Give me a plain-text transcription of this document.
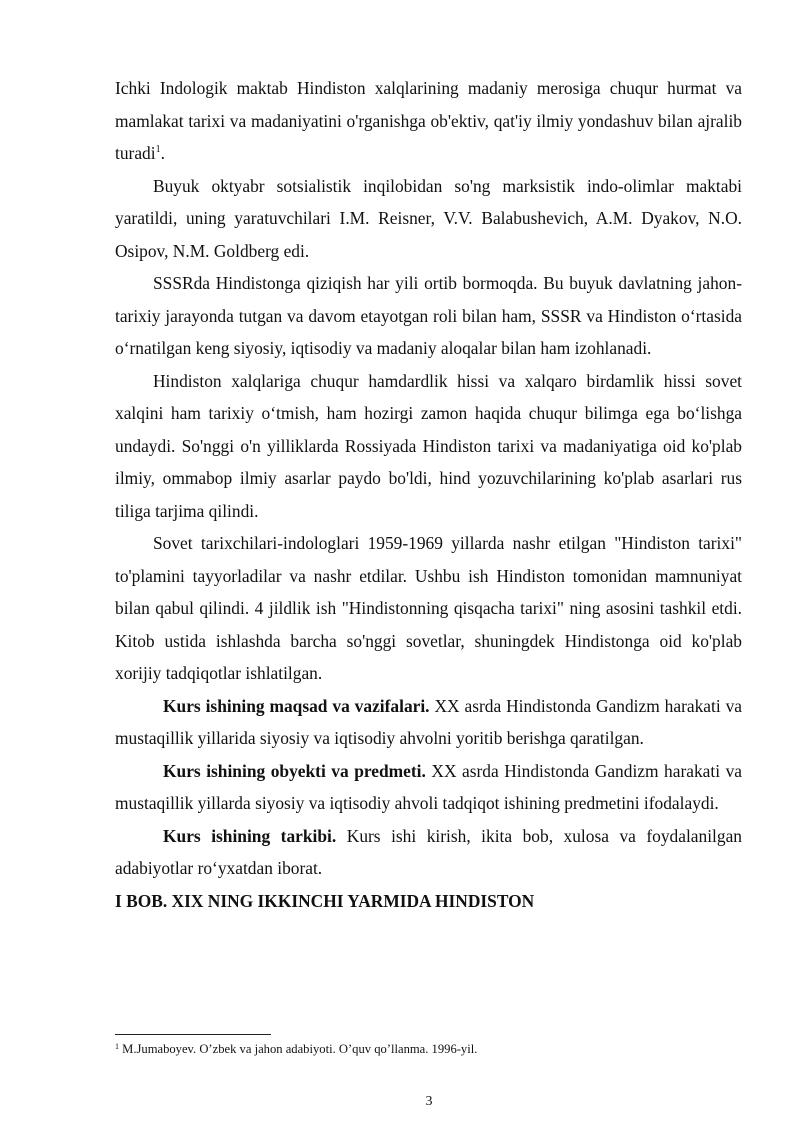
Ichki Indologik maktab Hindiston xalqlarining madaniy merosiga chuqur hurmat va mamlakat tarixi va madaniyatini o'rganishga ob'ektiv, qat'iy ilmiy yondashuv bilan ajralib turadi$^1$.

Buyuk oktyabr sotsialistik inqilobidan so'ng marksistik indo-olimlar maktabi yaratildi, uning yaratuvchilari I.M. Reisner, V.V. Balabushevich, A.M. Dyakov, N.O. Osipov, N.M. Goldberg edi.

SSSRda Hindistonga qiziqish har yili ortib bormoqda. Bu buyuk davlatning jahon-tarixiy jarayonda tutgan va davom etayotgan roli bilan ham, SSSR va Hindiston o‘rtasida o‘rnatilgan keng siyosiy, iqtisodiy va madaniy aloqalar bilan ham izohlanadi.

Hindiston xalqlariga chuqur hamdardlik hissi va xalqaro birdamlik hissi sovet xalqini ham tarixiy o‘tmish, ham hozirgi zamon haqida chuqur bilimga ega bo‘lishga undaydi. So'nggi o'n yilliklarda Rossiyada Hindiston tarixi va madaniyatiga oid ko'plab ilmiy, ommabop ilmiy asarlar paydo bo'ldi, hind yozuvchilarining ko'plab asarlari rus tiliga tarjima qilindi.

Sovet tarixchilari-indologlari 1959-1969 yillarda nashr etilgan "Hindiston tarixi" to'plamini tayyorladilar va nashr etdilar. Ushbu ish Hindiston tomonidan mamnuniyat bilan qabul qilindi. 4 jildlik ish "Hindistonning qisqacha tarixi" ning asosini tashkil etdi. Kitob ustida ishlashda barcha so'nggi sovetlar, shuningdek Hindistonga oid ko'plab xorijiy tadqiqotlar ishlatilgan.

Kurs ishining maqsad va vazifalari. XX asrda Hindistonda Gandizm harakati va mustaqillik yillarida siyosiy va iqtisodiy ahvolni yoritib berishga qaratilgan.

Kurs ishining obyekti va predmeti. XX asrda Hindistonda Gandizm harakati va mustaqillik yillarda siyosiy va iqtisodiy ahvoli tadqiqot ishining predmetini ifodalaydi.

Kurs ishining tarkibi. Kurs ishi kirish, ikita bob, xulosa va foydalanilgan adabiyotlar ro‘yxatdan iborat.

I BOB. XIX NING IKKINCHI YARMIDA HINDISTON

$^1$ M.Jumaboyev. O’zbek va jahon adabiyoti. O’quv qo’llanma. 1996-yil.
3
